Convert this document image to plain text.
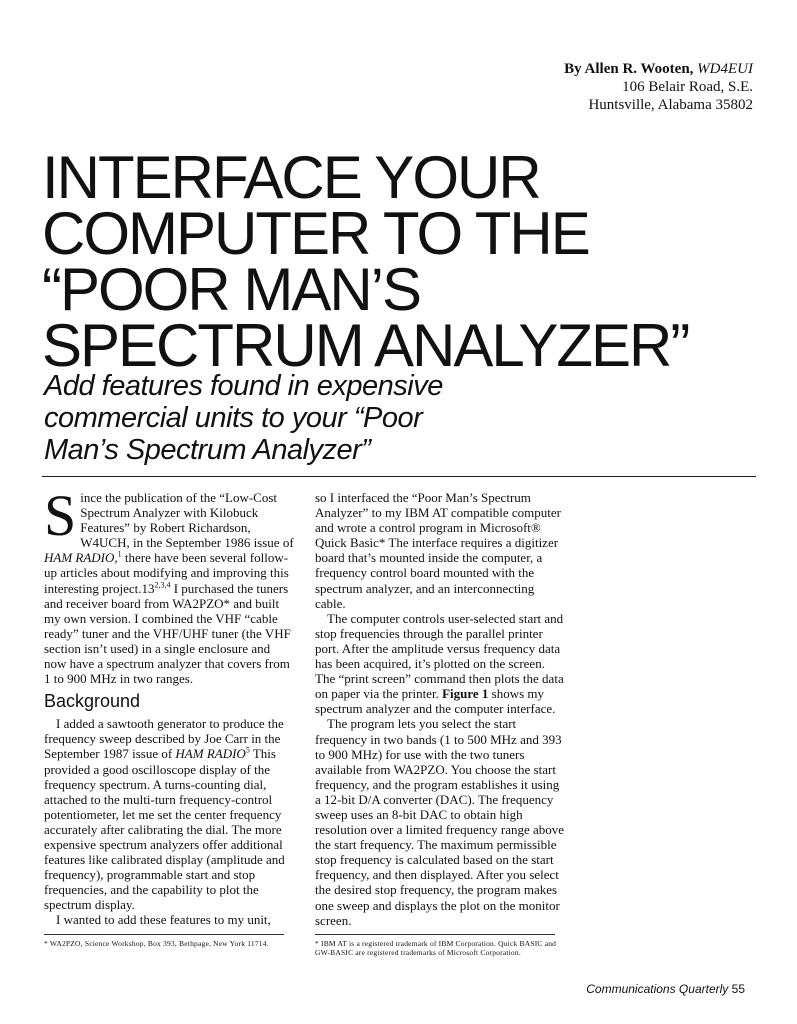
By Allen R. Wooten, WD4EUI
106 Belair Road, S.E.
Huntsville, Alabama 35802
INTERFACE YOUR
COMPUTER TO THE
“POOR MAN’S
SPECTRUM ANALYZER”
Add features found in expensive
commercial units to your “Poor
Man’s Spectrum Analyzer”

Since the publication of the “Low-Cost Spectrum Analyzer with Kilobuck Features” by Robert Richardson, W4UCH, in the September 1986 issue of HAM RADIO,$^1$ there have been several follow-up articles about modifying and improving this interesting project.13$^{2,3,4}$ I purchased the tuners and receiver board from WA2PZO* and built my own version. I combined the VHF “cable ready” tuner and the VHF/UHF tuner (the VHF section isn’t used) in a single enclosure and now have a spectrum analyzer that covers from 1 to 900 MHz in two ranges.

Background

I added a sawtooth generator to produce the frequency sweep described by Joe Carr in the September 1987 issue of HAM RADIO$^5$ This provided a good oscilloscope display of the frequency spectrum. A turns-counting dial, attached to the multi-turn frequency-control potentiometer, let me set the center frequency accurately after calibrating the dial. The more expensive spectrum analyzers offer additional features like calibrated display (amplitude and frequency), programmable start and stop frequencies, and the capability to plot the spectrum display.

I wanted to add these features to my unit,

* WA2PZO, Science Workshop, Box 393, Bethpage, New York 11714.

so I interfaced the “Poor Man’s Spectrum Analyzer” to my IBM AT compatible computer and wrote a control program in Microsoft® Quick Basic* The interface requires a digitizer board that’s mounted inside the computer, a frequency control board mounted with the spectrum analyzer, and an interconnecting cable.

The computer controls user-selected start and stop frequencies through the parallel printer port. After the amplitude versus frequency data has been acquired, it’s plotted on the screen. The “print screen” command then plots the data on paper via the printer. Figure 1 shows my spectrum analyzer and the computer interface.

The program lets you select the start frequency in two bands (1 to 500 MHz and 393 to 900 MHz) for use with the two tuners available from WA2PZO. You choose the start frequency, and the program establishes it using a 12-bit D/A converter (DAC). The frequency sweep uses an 8-bit DAC to obtain high resolution over a limited frequency range above the start frequency. The maximum permissible stop frequency is calculated based on the start frequency, and then displayed. After you select the desired stop frequency, the program makes one sweep and displays the plot on the monitor screen.

* IBM AT is a registered trademark of IBM Corporation. Quick BASIC and GW-BASIC are registered trademarks of Microsoft Corporation.
Communications Quarterly 55
